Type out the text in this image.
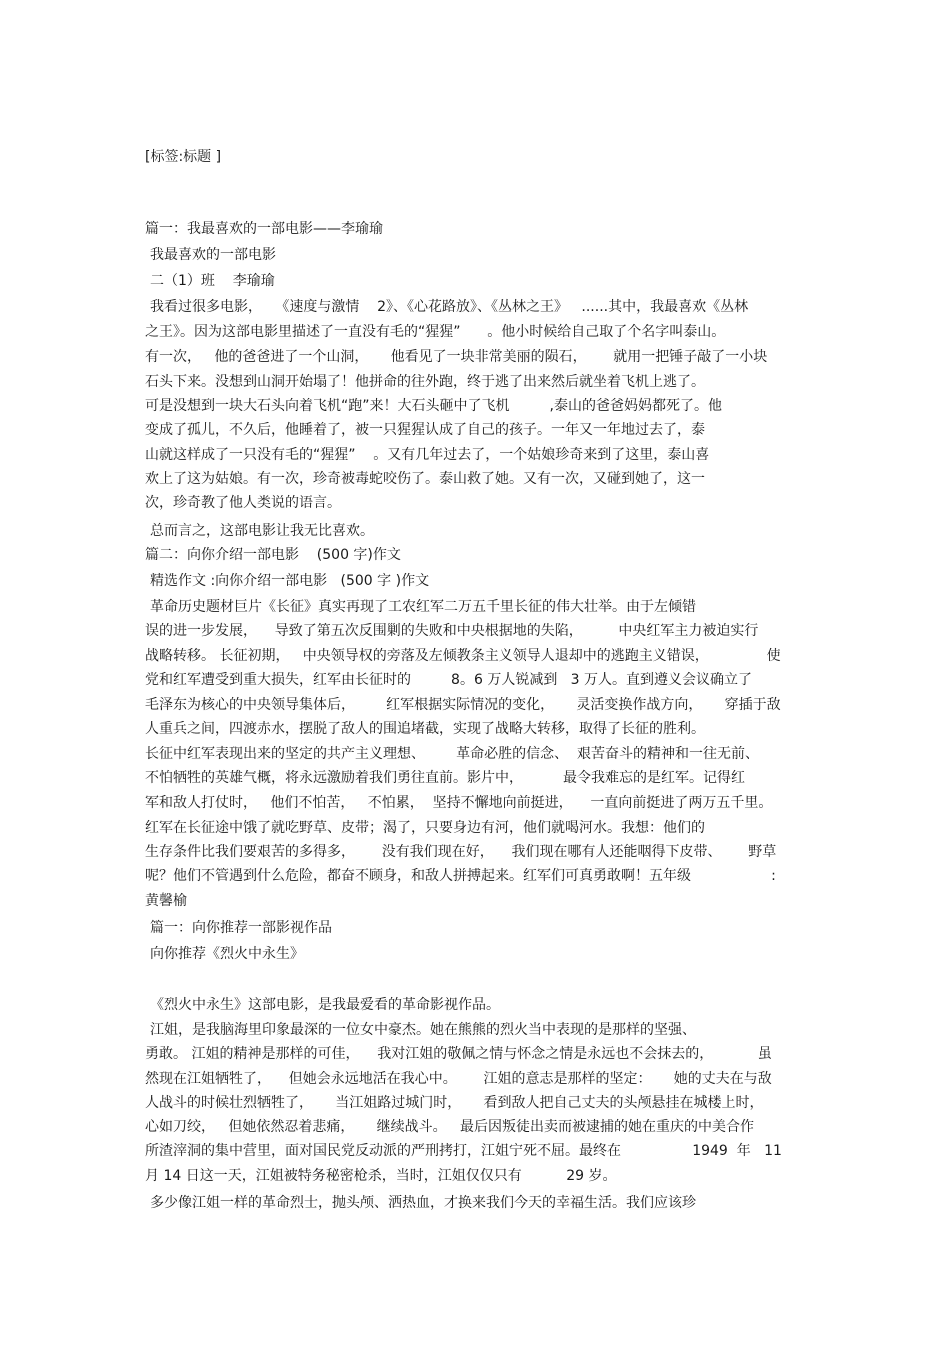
[标签:标题 ]
篇一：我最喜欢的一部电影——李瑜瑜
我最喜欢的一部电影
二（1）班    李瑜瑜
我看过很多电影，   《速度与激情    2》、《心花路放》、《丛林之王》   ......其中，我最喜欢《丛林
之王》。因为这部电影里描述了一直没有毛的“猩猩”      。他小时候给自己取了个名字叫泰山。
有一次，   他的爸爸进了一个山洞，     他看见了一块非常美丽的陨石，      就用一把锤子敲了一小块
石头下来。没想到山洞开始塌了！他拼命的往外跑，终于逃了出来然后就坐着飞机上逃了。
可是没想到一块大石头向着飞机“跑”来！大石头砸中了飞机         ,泰山的爸爸妈妈都死了。他
变成了孤儿，不久后，他睡着了，被一只猩猩认成了自己的孩子。一年又一年地过去了，泰
山就这样成了一只没有毛的“猩猩”    。又有几年过去了，一个姑娘珍奇来到了这里，泰山喜
欢上了这为姑娘。有一次，珍奇被毒蛇咬伤了。泰山救了她。又有一次，又碰到她了，这一
次，珍奇教了他人类说的语言。
总而言之，这部电影让我无比喜欢。
篇二：向你介绍一部电影    (500 字)作文
精选作文 :向你介绍一部电影   (500 字 )作文
革命历史题材巨片《长征》真实再现了工农红军二万五千里长征的伟大壮举。由于左倾错
误的进一步发展，    导致了第五次反围剿的失败和中央根据地的失陷，        中央红军主力被迫实行
战略转移。 长征初期，   中央领导权的旁落及左倾教条主义领导人退却中的逃跑主义错误，             使
党和红军遭受到重大损失，红军由长征时的         8。6 万人锐减到   3 万人。直到遵义会议确立了
毛泽东为核心的中央领导集体后，       红军根据实际情况的变化，     灵活变换作战方向，     穿插于敌
人重兵之间，四渡赤水，摆脱了敌人的围追堵截，实现了战略大转移，取得了长征的胜利。
长征中红军表现出来的坚定的共产主义理想、       革命必胜的信念、  艰苦奋斗的精神和一往无前、
不怕牺牲的英雄气概，将永远激励着我们勇往直前。影片中，         最令我难忘的是红军。记得红
军和敌人打仗时，   他们不怕苦，   不怕累，  坚持不懈地向前挺进，    一直向前挺进了两万五千里。
红军在长征途中饿了就吃野草、皮带；渴了，只要身边有河，他们就喝河水。我想：他们的
生存条件比我们要艰苦的多得多，      没有我们现在好，    我们现在哪有人还能咽得下皮带、      野草
呢？他们不管遇到什么危险，都奋不顾身，和敌人拼搏起来。红军们可真勇敢啊！五年级                  :
黄馨榆
篇一：向你推荐一部影视作品
向你推荐《烈火中永生》
《烈火中永生》这部电影，是我最爱看的革命影视作品。
江姐，是我脑海里印象最深的一位女中豪杰。她在熊熊的烈火当中表现的是那样的坚强、
勇敢。 江姐的精神是那样的可佳，    我对江姐的敬佩之情与怀念之情是永远也不会抹去的，          虽
然现在江姐牺牲了，    但她会永远地活在我心中。      江姐的意志是那样的坚定：     她的丈夫在与敌
人战斗的时候壮烈牺牲了，     当江姐路过城门时，     看到敌人把自己丈夫的头颅悬挂在城楼上时，
心如刀绞，   但她依然忍着悲痛，     继续战斗。   最后因叛徒出卖而被逮捕的她在重庆的中美合作
所渣滓洞的集中营里，面对国民党反动派的严刑拷打，江姐宁死不屈。最终在                1949  年   11
月 14 日这一天，江姐被特务秘密枪杀，当时，江姐仅仅只有          29 岁。
多少像江姐一样的革命烈士，抛头颅、洒热血，才换来我们今天的幸福生活。我们应该珍
